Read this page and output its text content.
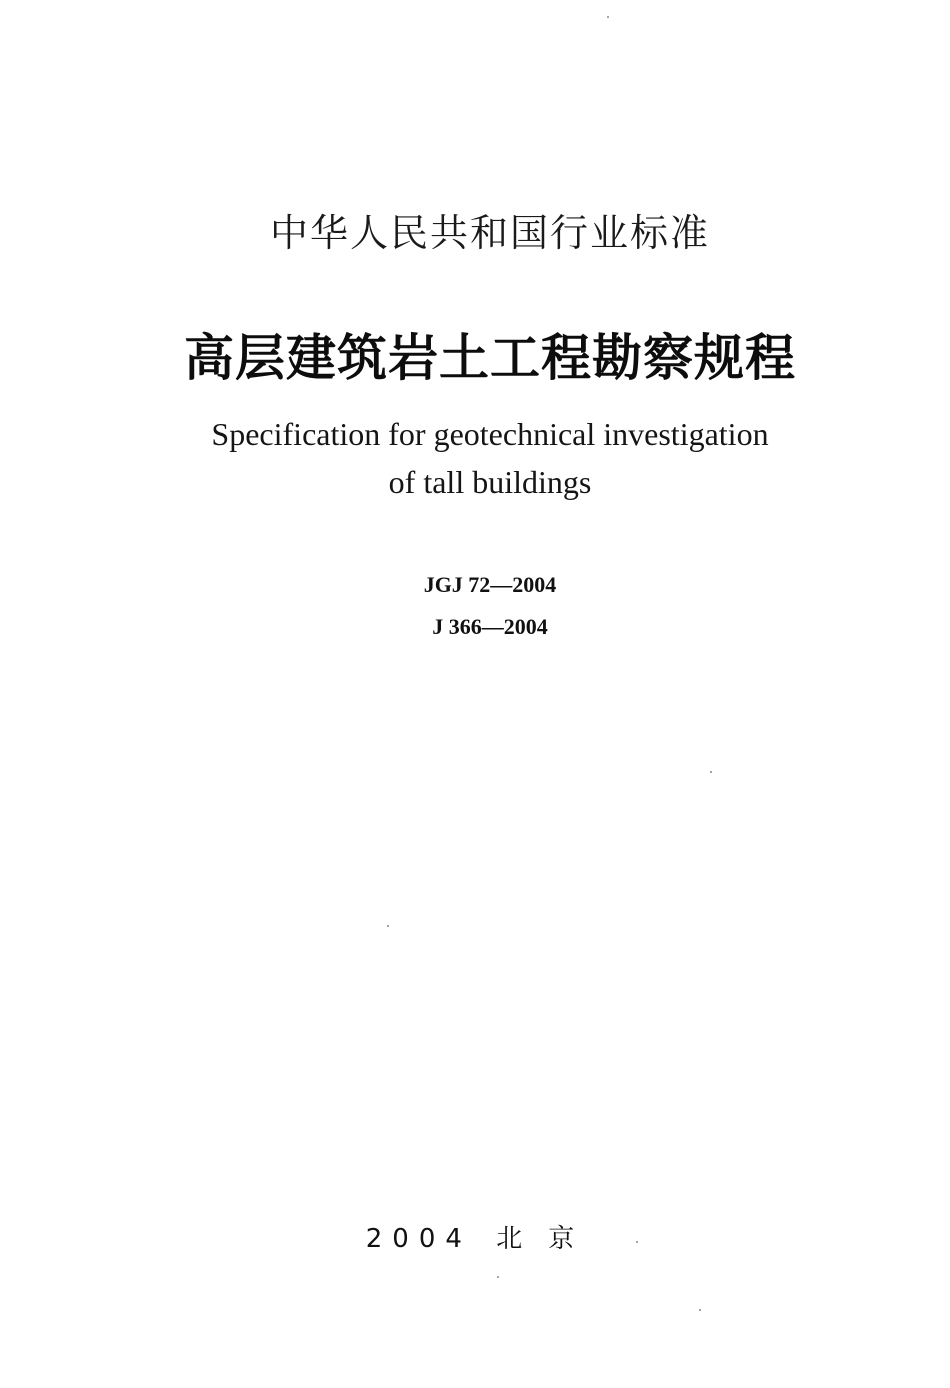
中华人民共和国行业标准
高层建筑岩土工程勘察规程
Specification for geotechnical investigation
of tall buildings
JGJ 72—2004
J 366—2004
2004 北京
